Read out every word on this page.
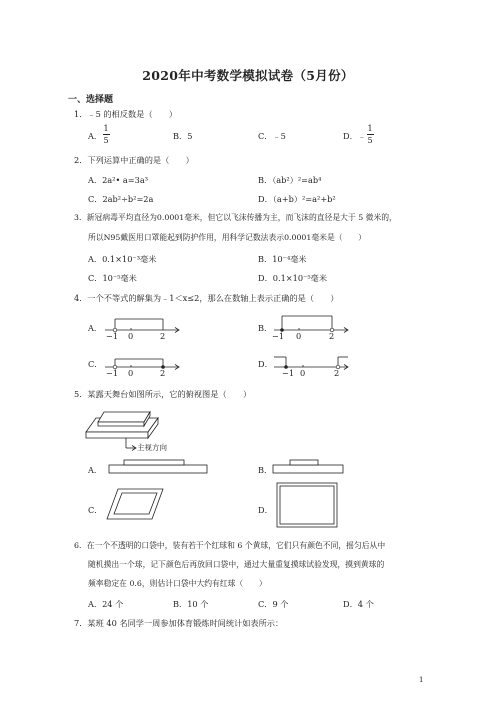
2020年中考数学模拟试卷（5月份）
一、选择题
1．﹣5 的相反数是（　　）
A．
1
5	B．5	C．﹣5	D．﹣
1
5
2．下列运算中正确的是（　　）
A．2a²• a=3a³	B．（ab²）²=ab⁴
C．2ab²÷b²=2a	D．（a+b）²=a²+b²
3．新冠病毒平均直径为0.0001毫米，但它以飞沫传播为主，而飞沫的直径是大于 5 微米的，
所以N95戴医用口罩能起到防护作用，用科学记数法表示0.0001毫米是（　　）
A．0.1×10⁻³毫米	B．10⁻⁴毫米
C．10⁻⁵毫米	D．0.1×10⁻⁵毫米
4．一个不等式的解集为﹣1＜x≤2，那么在数轴上表示正确的是（　　）
A．
−1 0	2
B．
−1 0	2
C．
−1 0	2
D．
−1 0	2
5．某露天舞台如图所示，它的俯视图是（　　）
主视方向
A．	B．
C．	D．
6．在一个不透明的口袋中，装有若干个红球和 6 个黄球，它们只有颜色不同，摇匀后从中
随机摸出一个球，记下颜色后再放回口袋中，通过大量重复摸球试验发现，摸到黄球的
频率稳定在 0.6，则估计口袋中大约有红球（　　）
A．24 个	B．10 个	C．9 个	D．4 个
7．某班 40 名同学一周参加体育锻炼时间统计如表所示：
1
